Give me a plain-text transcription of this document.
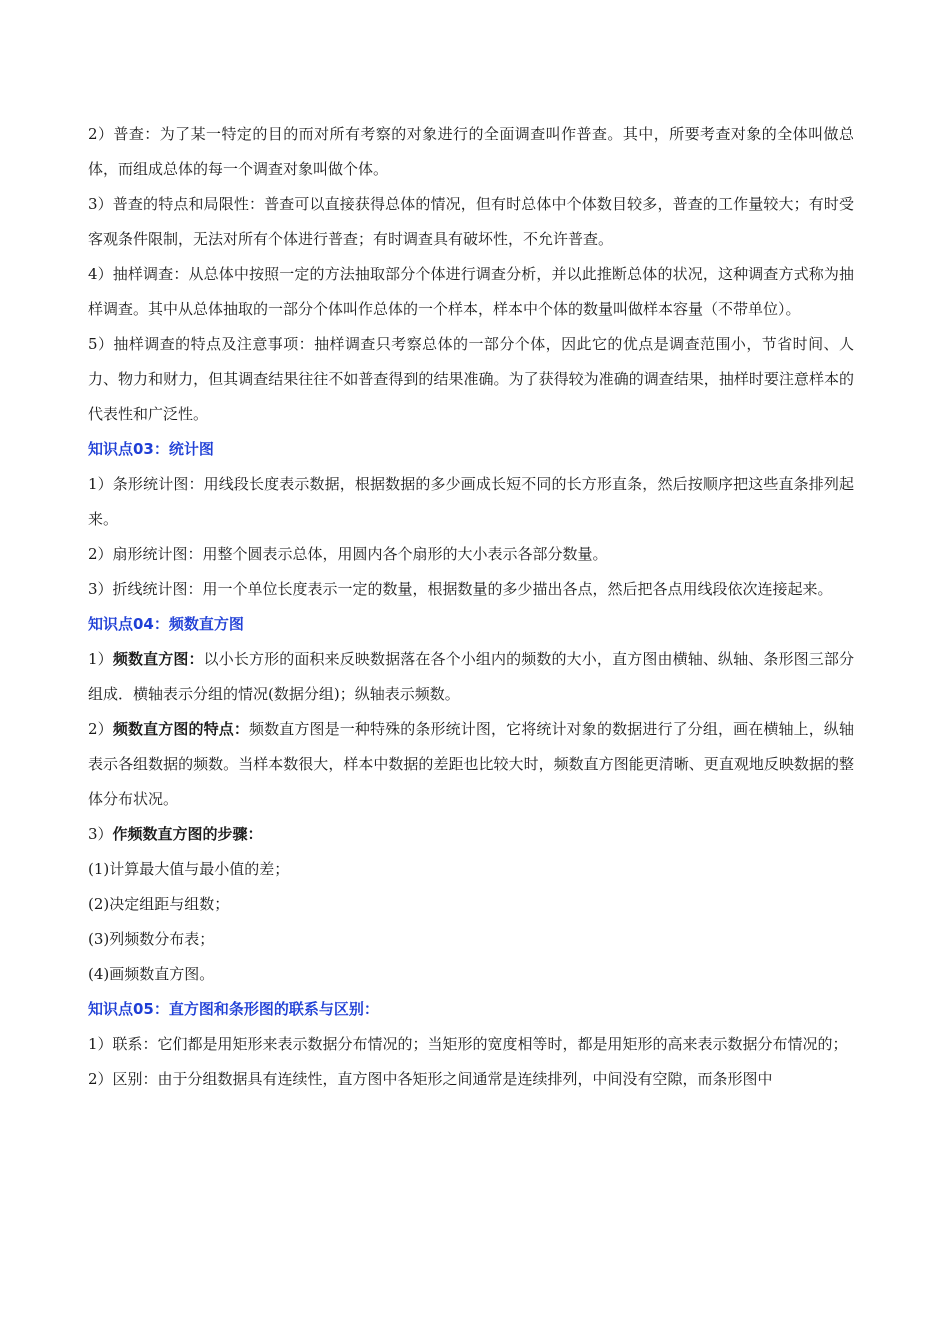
2）普查：为了某一特定的目的而对所有考察的对象进行的全面调查叫作普查。其中，所要考查对象的全体叫做总体，而组成总体的每一个调查对象叫做个体。

3）普查的特点和局限性：普查可以直接获得总体的情况，但有时总体中个体数目较多，普查的工作量较大；有时受客观条件限制，无法对所有个体进行普查；有时调查具有破坏性，不允许普查。

4）抽样调查：从总体中按照一定的方法抽取部分个体进行调查分析，并以此推断总体的状况，这种调查方式称为抽样调查。其中从总体抽取的一部分个体叫作总体的一个样本，样本中个体的数量叫做样本容量（不带单位）。

5）抽样调查的特点及注意事项：抽样调查只考察总体的一部分个体，因此它的优点是调查范围小，节省时间、人力、物力和财力，但其调查结果往往不如普查得到的结果准确。为了获得较为准确的调查结果，抽样时要注意样本的代表性和广泛性。

知识点03：统计图

1）条形统计图：用线段长度表示数据，根据数据的多少画成长短不同的长方形直条，然后按顺序把这些直条排列起来。

2）扇形统计图：用整个圆表示总体，用圆内各个扇形的大小表示各部分数量。

3）折线统计图：用一个单位长度表示一定的数量，根据数量的多少描出各点，然后把各点用线段依次连接起来。

知识点04：频数直方图

1）频数直方图：以小长方形的面积来反映数据落在各个小组内的频数的大小，直方图由横轴、纵轴、条形图三部分组成．横轴表示分组的情况(数据分组)；纵轴表示频数。

2）频数直方图的特点：频数直方图是一种特殊的条形统计图，它将统计对象的数据进行了分组，画在横轴上，纵轴表示各组数据的频数。当样本数很大，样本中数据的差距也比较大时，频数直方图能更清晰、更直观地反映数据的整体分布状况。

3）作频数直方图的步骤：

(1)计算最大值与最小值的差；

(2)决定组距与组数；

(3)列频数分布表；

(4)画频数直方图。

知识点05：直方图和条形图的联系与区别：

1）联系：它们都是用矩形来表示数据分布情况的；当矩形的宽度相等时，都是用矩形的高来表示数据分布情况的；

2）区别：由于分组数据具有连续性，直方图中各矩形之间通常是连续排列，中间没有空隙，而条形图中
